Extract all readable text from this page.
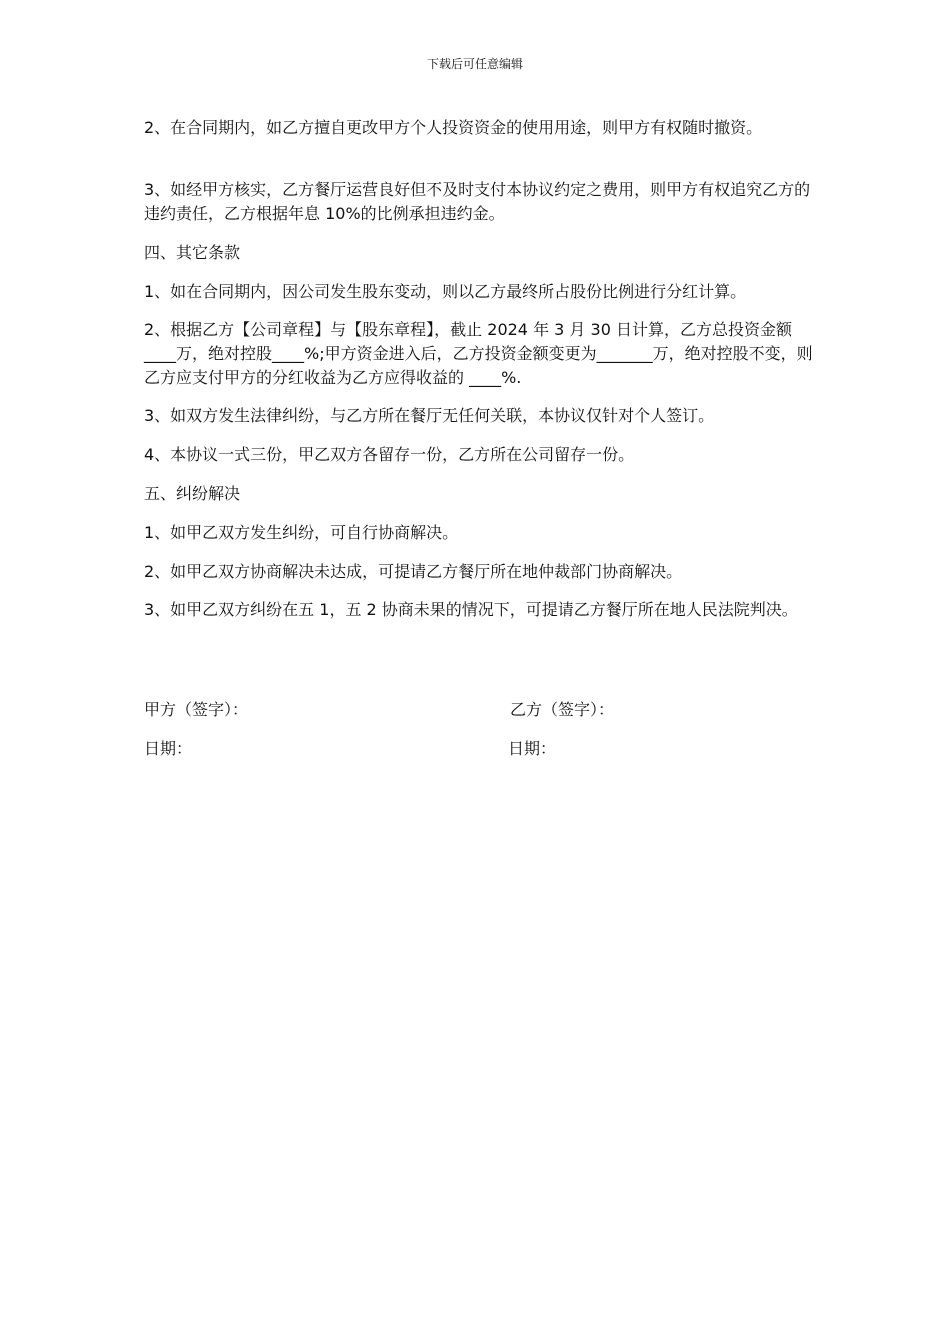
下载后可任意编辑
2、在合同期内，如乙方擅自更改甲方个人投资资金的使用用途，则甲方有权随时撤资。
3、如经甲方核实，乙方餐厅运营良好但不及时支付本协议约定之费用，则甲方有权追究乙方的违约责任，乙方根据年息 10%的比例承担违约金。
四、其它条款
1、如在合同期内，因公司发生股东变动，则以乙方最终所占股份比例进行分红计算。
2、根据乙方【公司章程】与【股东章程】，截止 2024 年 3 月 30 日计算，乙方总投资金额____万，绝对控股____%;甲方资金进入后，乙方投资金额变更为_______万，绝对控股不变，则乙方应支付甲方的分红收益为乙方应得收益的 ____%.
3、如双方发生法律纠纷，与乙方所在餐厅无任何关联，本协议仅针对个人签订。
4、本协议一式三份，甲乙双方各留存一份，乙方所在公司留存一份。
五、纠纷解决
1、如甲乙双方发生纠纷，可自行协商解决。
2、如甲乙双方协商解决未达成，可提请乙方餐厅所在地仲裁部门协商解决。
3、如甲乙双方纠纷在五 1，五 2 协商未果的情况下，可提请乙方餐厅所在地人民法院判决。
甲方（签字）：	乙方（签字）：
日期：	日期：
